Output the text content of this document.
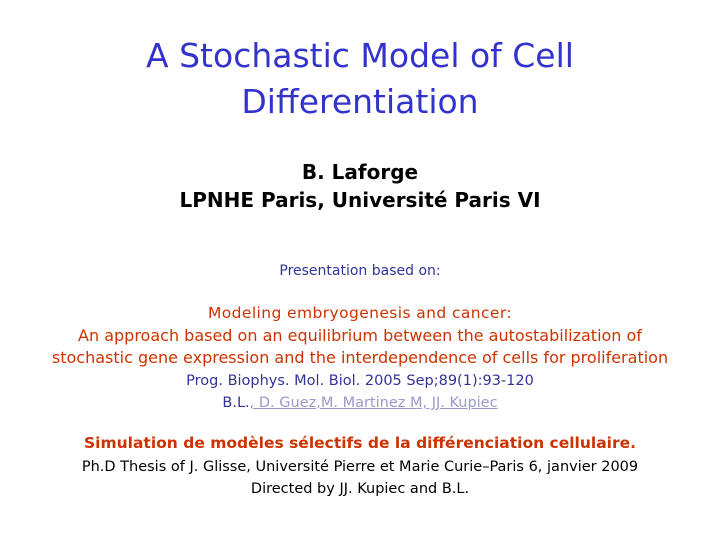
A Stochastic Model of Cell
Differentiation
B. Laforge
LPNHE Paris, Université Paris VI
Presentation based on:
Modeling embryogenesis and cancer:
An approach based on an equilibrium between the autostabilization of
stochastic gene expression and the interdependence of cells for proliferation
Prog. Biophys. Mol. Biol. 2005 Sep;89(1):93-120
B.L., D. Guez,M. Martinez M, JJ. Kupiec
Simulation de modèles sélectifs de la différenciation cellulaire.
Ph.D Thesis of J. Glisse, Université Pierre et Marie Curie–Paris 6, janvier 2009
Directed by JJ. Kupiec and B.L.
